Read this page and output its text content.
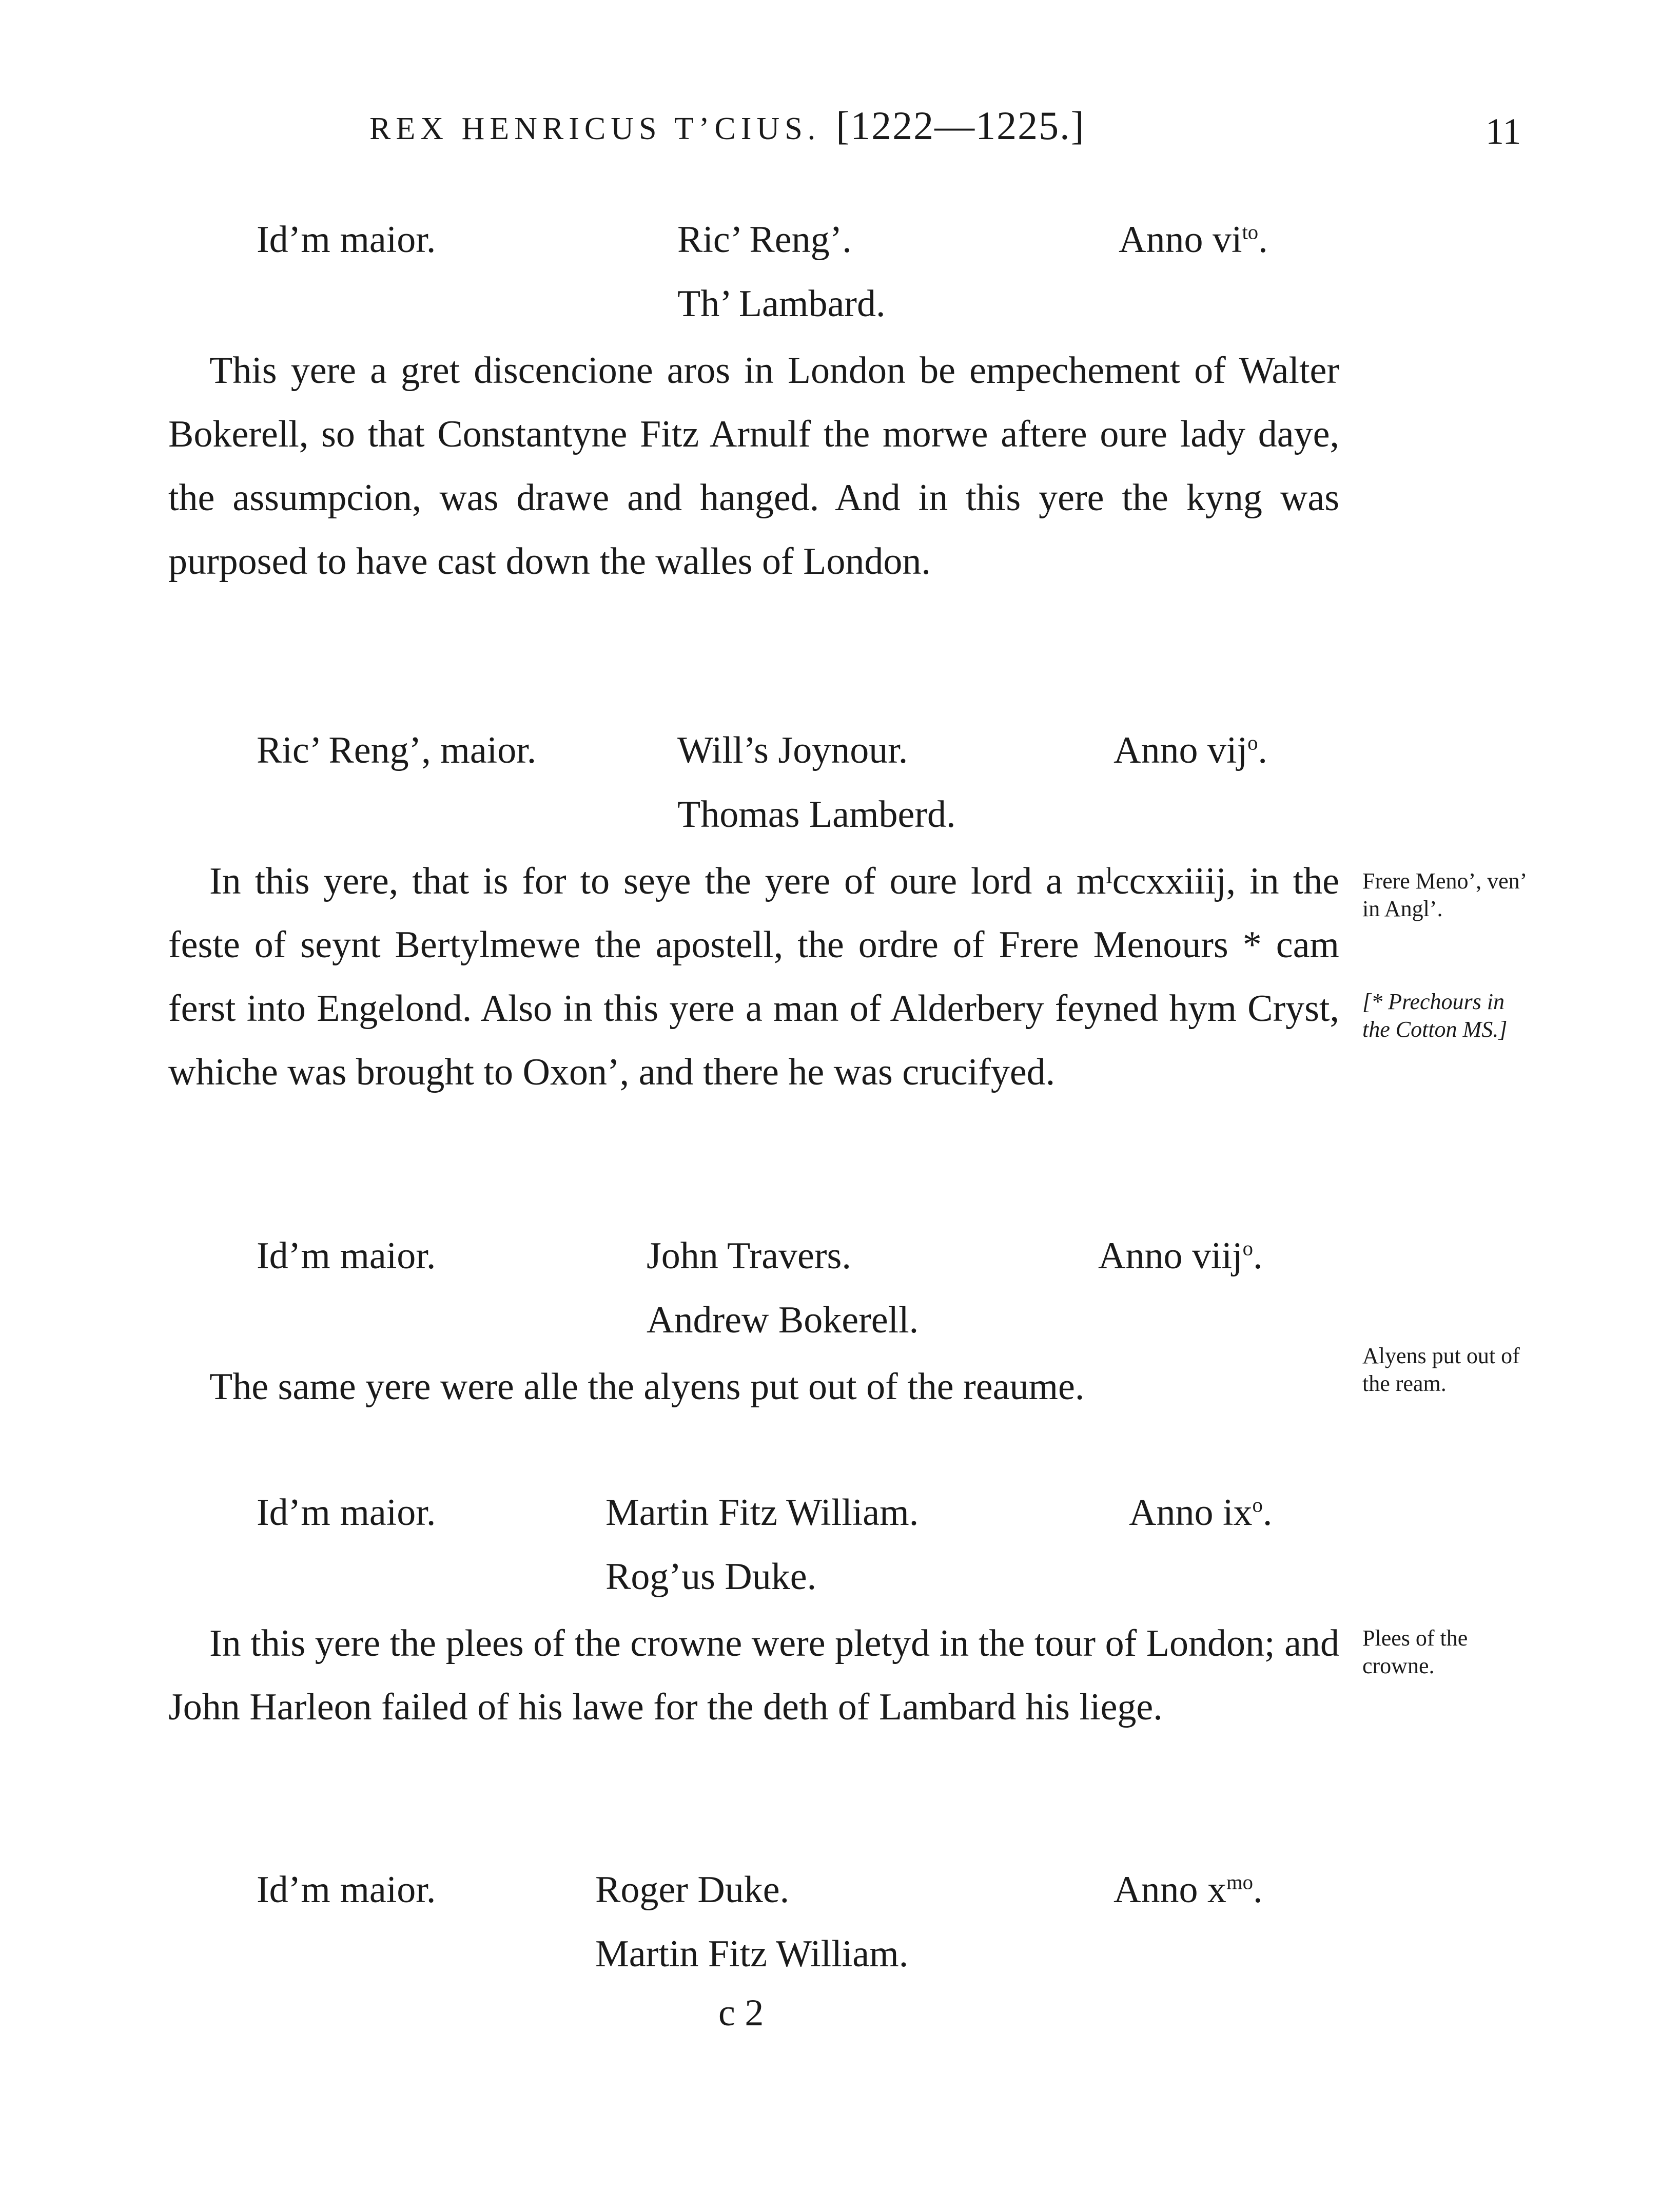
REX HENRICUS T’CIUS. [1222—1225.]	11
Id’m maior.	Ric’ Reng’.	Anno $vi^{to}$.
Th’ Lambard.

This yere a gret discencione aros in London be empechement of Walter Bokerell, so that Constantyne Fitz Arnulf the morwe aftere oure lady daye, the assumpcion, was drawe and hanged. And in this yere the kyng was purposed to have cast down the walles of London.

Ric’ Reng’, maior.	Will’s Joynour.	Anno vij$^o$.
Thomas Lamberd.

In this yere, that is for to seye the yere of oure lord a mˡccxxiiij, in the feste of seynt Bertylmewe the apostell, the ordre of Frere Menours * cam ferst into Engelond. Also in this yere a man of Alderbery feyned hym Cryst, whiche was brought to Oxon’, and there he was crucifyed.

Frere Meno’, ven’ in Angl’.
[* Prechours in the Cotton MS.]
Id’m maior.	John Travers.	Anno viij$^o$.
Andrew Bokerell.

The same yere were alle the alyens put out of the reaume.

Alyens put out of the ream.
Id’m maior.	Martin Fitz William.	Anno $ix^o$.
Rog’us Duke.

In this yere the plees of the crowne were pletyd in the tour of London; and John Harleon failed of his lawe for the deth of Lambard his liege.

Plees of the crowne.
Id’m maior.	Roger Duke.	Anno $x^{mo}$.
Martin Fitz William.
c 2
